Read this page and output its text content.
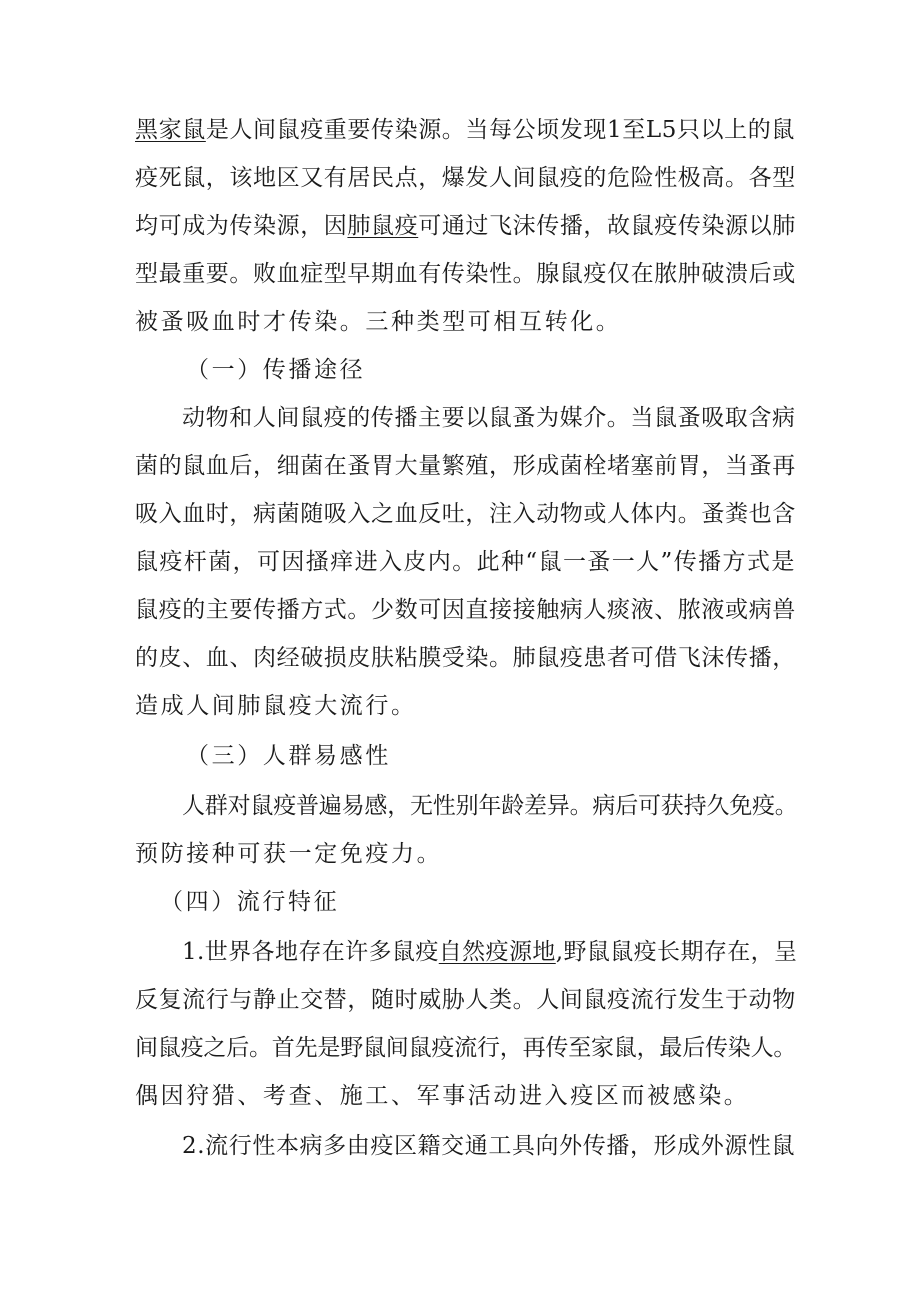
黑家鼠是人间鼠疫重要传染源。当每公顷发现1至L5只以上的鼠
疫死鼠，该地区又有居民点，爆发人间鼠疫的危险性极高。各型
均可成为传染源，因肺鼠疫可通过飞沫传播，故鼠疫传染源以肺
型最重要。败血症型早期血有传染性。腺鼠疫仅在脓肿破溃后或
被蚤吸血时才传染。三种类型可相互转化。
（一）传播途径
动物和人间鼠疫的传播主要以鼠蚤为媒介。当鼠蚤吸取含病
菌的鼠血后，细菌在蚤胃大量繁殖，形成菌栓堵塞前胃，当蚤再
吸入血时，病菌随吸入之血反吐，注入动物或人体内。蚤粪也含
鼠疫杆菌，可因搔痒进入皮内。此种“鼠一蚤一人”传播方式是
鼠疫的主要传播方式。少数可因直接接触病人痰液、脓液或病兽
的皮、血、肉经破损皮肤粘膜受染。肺鼠疫患者可借飞沫传播，
造成人间肺鼠疫大流行。
（三）人群易感性
人群对鼠疫普遍易感，无性别年龄差异。病后可获持久免疫。
预防接种可获一定免疫力。
（四）流行特征
1.世界各地存在许多鼠疫自然疫源地,野鼠鼠疫长期存在，呈
反复流行与静止交替，随时威胁人类。人间鼠疫流行发生于动物
间鼠疫之后。首先是野鼠间鼠疫流行，再传至家鼠，最后传染人。
偶因狩猎、考查、施工、军事活动进入疫区而被感染。
2.流行性本病多由疫区籍交通工具向外传播，形成外源性鼠
